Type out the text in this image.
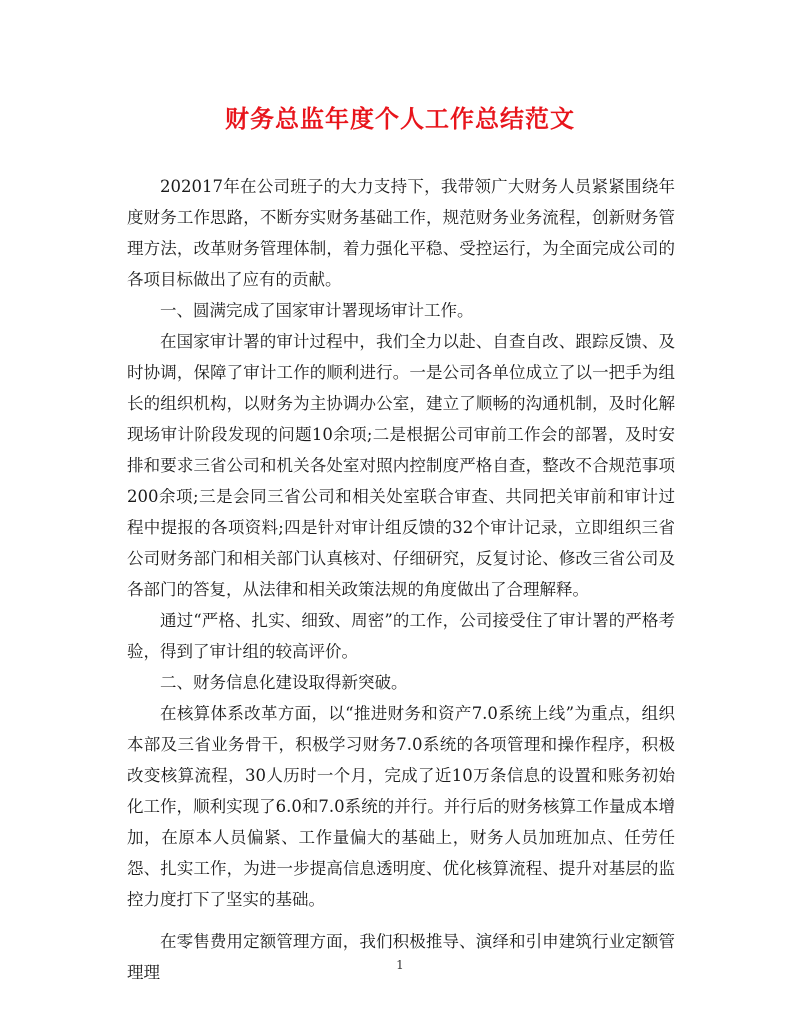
财务总监年度个人工作总结范文

202017年在公司班子的大力支持下，我带领广大财务人员紧紧围绕年度财务工作思路，不断夯实财务基础工作，规范财务业务流程，创新财务管理方法，改革财务管理体制，着力强化平稳、受控运行，为全面完成公司的各项目标做出了应有的贡献。

一、圆满完成了国家审计署现场审计工作。

在国家审计署的审计过程中，我们全力以赴、自查自改、跟踪反馈、及时协调，保障了审计工作的顺利进行。一是公司各单位成立了以一把手为组长的组织机构，以财务为主协调办公室，建立了顺畅的沟通机制，及时化解现场审计阶段发现的问题10余项;二是根据公司审前工作会的部署，及时安排和要求三省公司和机关各处室对照内控制度严格自查，整改不合规范事项200余项;三是会同三省公司和相关处室联合审查、共同把关审前和审计过程中提报的各项资料;四是针对审计组反馈的32个审计记录，立即组织三省公司财务部门和相关部门认真核对、仔细研究，反复讨论、修改三省公司及各部门的答复，从法律和相关政策法规的角度做出了合理解释。

通过“严格、扎实、细致、周密”的工作，公司接受住了审计署的严格考验，得到了审计组的较高评价。

二、财务信息化建设取得新突破。

在核算体系改革方面，以“推进财务和资产7.0系统上线”为重点，组织本部及三省业务骨干，积极学习财务7.0系统的各项管理和操作程序，积极改变核算流程，30人历时一个月，完成了近10万条信息的设置和账务初始化工作，顺利实现了6.0和7.0系统的并行。并行后的财务核算工作量成本增加，在原本人员偏紧、工作量偏大的基础上，财务人员加班加点、任劳任怨、扎实工作，为进一步提高信息透明度、优化核算流程、提升对基层的监控力度打下了坚实的基础。

在零售费用定额管理方面，我们积极推导、演绎和引申建筑行业定额管理理	1
